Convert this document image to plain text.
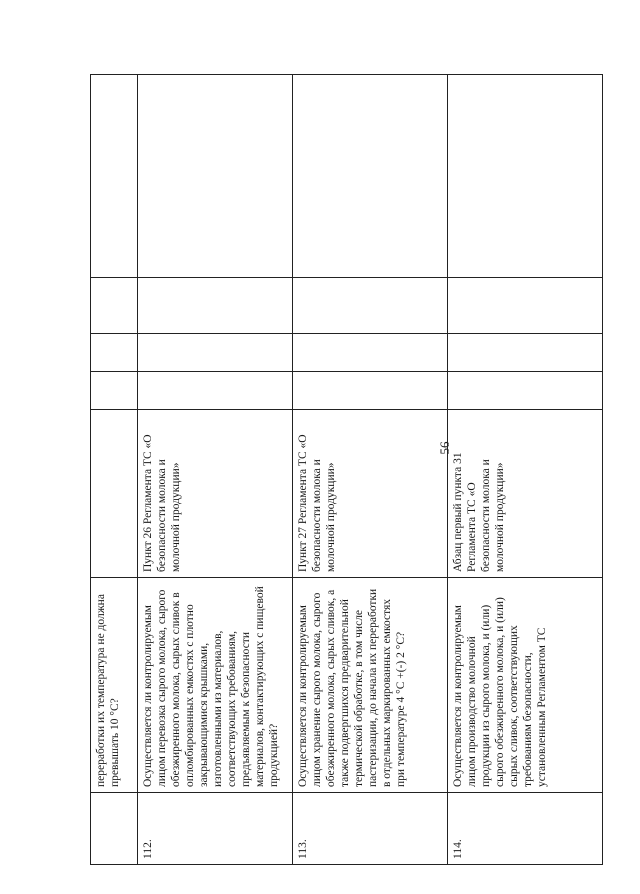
56
	переработки их температура не должна превышать 10 °C?					
112.	Осуществляется ли контролируемым лицом перевозка сырого молока, сырого обезжиренного молока, сырых сливок в опломбированных емкостях с плотно закрывающимися крышками, изготовленными из материалов, соответствующих требованиям, предъявляемым к безопасности материалов, контактирующих с пищевой продукцией?	Пункт 26 Регламента ТС «О безопасности молока и молочной продукции»				
113.	Осуществляется ли контролируемым лицом хранение сырого молока, сырого обезжиренного молока, сырых сливок, а также подвергшихся предварительной термической обработке, в том числе пастеризации, до начала их переработки в отдельных маркированных емкостях при температуре 4 °C +(-) 2 °C?	Пункт 27 Регламента ТС «О безопасности молока и молочной продукции»				
114.	Осуществляется ли контролируемым лицом производство молочной продукции из сырого молока, и (или) сырого обезжиренного молока, и (или) сырых сливок, соответствующих требованиям безопасности, установленным Регламентом ТС	Абзац первый пункта 31 Регламента ТС «О безопасности молока и молочной продукции»				
